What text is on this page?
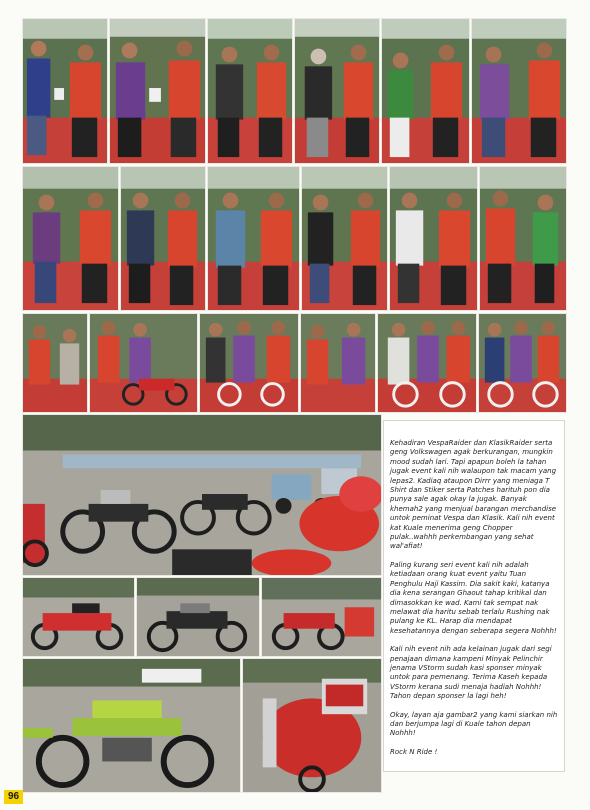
Kehadiran VespaRaider dan KlasikRaider serta geng Volkswagen agak berkurangan, mungkin mood sudah lari. Tapi apapun boleh la tahan jugak event kali nih walaupon tak macam yang lepas2. Kadiaq ataupon Dirrr yang meniaga T Shirt dan Stiker serta Patches harituh pon dia punya sale agak okay la jugak. Banyak khemah2 yang menjual barangan merchandise untok peminat Vespa dan Klasik. Kali nih event kat Kuale menerima geng Chopper pulak..wahhh perkembangan yang sehat wal'afiat!

Paling kurang seri event kali nih adalah ketiadaan orang kuat event yaitu Tuan Penghulu Haji Kassim. Dia sakit kaki, katanya dia kena serangan Ghaout tahap kritikal dan dimasokkan ke wad. Kami tak sempat nak melawat dia haritu sebab terlalu Rushing nak pulang ke KL. Harap dia mendapat kesehatannya dengan seberapa segera Nohhh!

Kali nih event nih ada kelainan jugak dari segi penajaan dimana kampeni Minyak Pelinchir jenama VStorm sudah kasi sponser minyak untok para pemenang. Terima Kaseh kepada VStorm kerana sudi menaja hadiah Nohhh! Tahon depan sponser la lagi heh!

Okay, layan aja gambar2 yang kami siarkan nih dan berjumpa lagi di Kuale tahon depan Nohhh!

Rock N Ride !

96
